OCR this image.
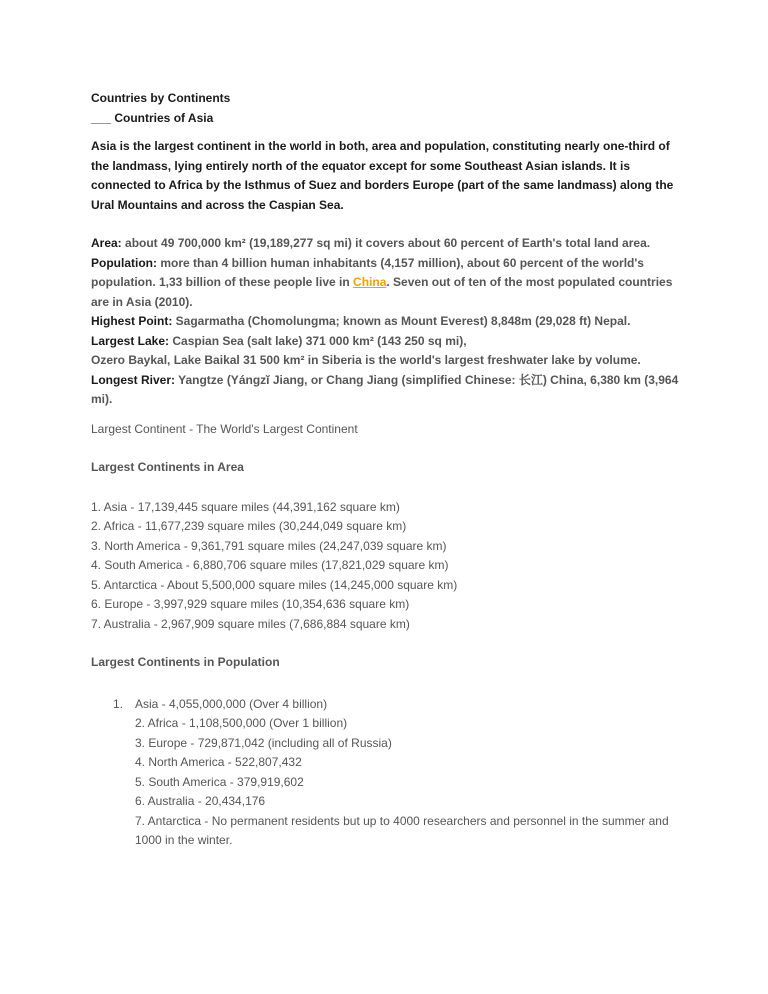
Countries by Continents

___ Countries of Asia

Asia is the largest continent in the world in both, area and population, constituting nearly one-third of the landmass, lying entirely north of the equator except for some Southeast Asian islands. It is connected to Africa by the Isthmus of Suez and borders Europe (part of the same landmass) along the Ural Mountains and across the Caspian Sea.

Area: about 49 700,000 km² (19,189,277 sq mi) it covers about 60 percent of Earth's total land area.

Population: more than 4 billion human inhabitants (4,157 million), about 60 percent of the world's population. 1,33 billion of these people live in China. Seven out of ten of the most populated countries are in Asia (2010).

Highest Point: Sagarmatha (Chomolungma; known as Mount Everest) 8,848m (29,028 ft) Nepal.

Largest Lake: Caspian Sea (salt lake) 371 000 km² (143 250 sq mi),

Ozero Baykal, Lake Baikal 31 500 km² in Siberia is the world's largest freshwater lake by volume.

Longest River: Yangtze (Yángzĭ Jiang, or Chang Jiang (simplified Chinese: 长江) China, 6,380 km (3,964 mi).

Largest Continent - The World's Largest Continent

Largest Continents in Area

1. Asia - 17,139,445 square miles (44,391,162 square km)

2. Africa - 11,677,239 square miles (30,244,049 square km)

3. North America - 9,361,791 square miles (24,247,039 square km)

4. South America - 6,880,706 square miles (17,821,029 square km)

5. Antarctica - About 5,500,000 square miles (14,245,000 square km)

6. Europe - 3,997,929 square miles (10,354,636 square km)

7. Australia - 2,967,909 square miles (7,686,884 square km)

Largest Continents in Population

1. Asia - 4,055,000,000 (Over 4 billion)

2. Africa - 1,108,500,000 (Over 1 billion)

3. Europe - 729,871,042 (including all of Russia)

4. North America - 522,807,432

5. South America - 379,919,602

6. Australia - 20,434,176

7. Antarctica - No permanent residents but up to 4000 researchers and personnel in the summer and 1000 in the winter.
